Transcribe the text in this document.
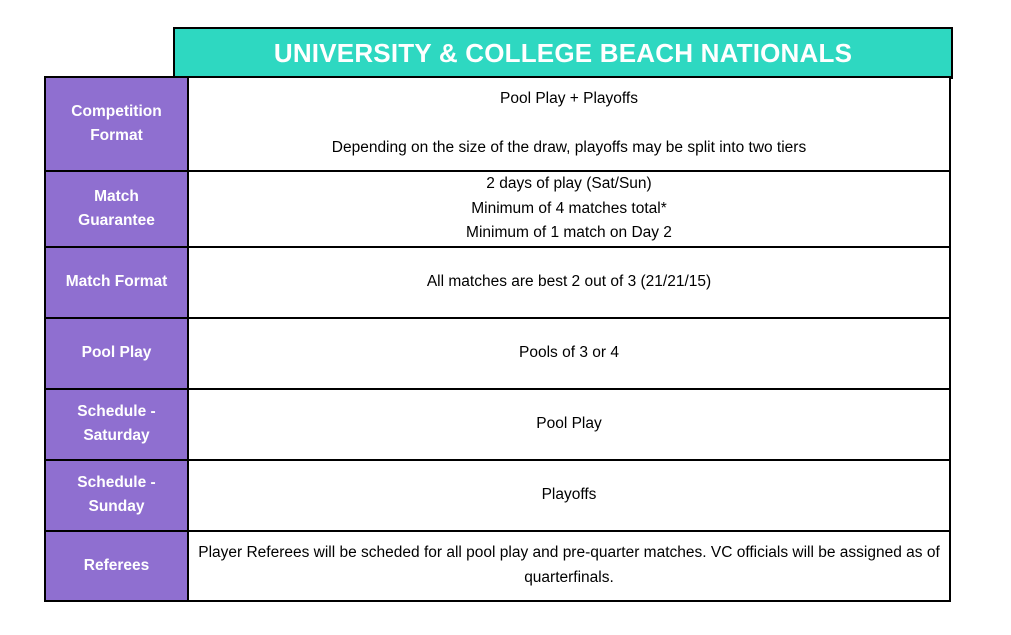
UNIVERSITY & COLLEGE BEACH NATIONALS
Competition
Format	Pool Play + Playoffs
Depending on the size of the draw, playoffs may be split into two tiers

Match
Guarantee	2 days of play (Sat/Sun)
Minimum of 4 matches total*
Minimum of 1 match on Day 2

Match Format	All matches are best 2 out of 3 (21/21/15)

Pool Play	Pools of 3 or 4

Schedule -
Saturday	Pool Play

Schedule -
Sunday	Playoffs

Referees	Player Referees will be scheded for all pool play and pre-quarter matches. VC officials will be assigned as of
quarterfinals.
